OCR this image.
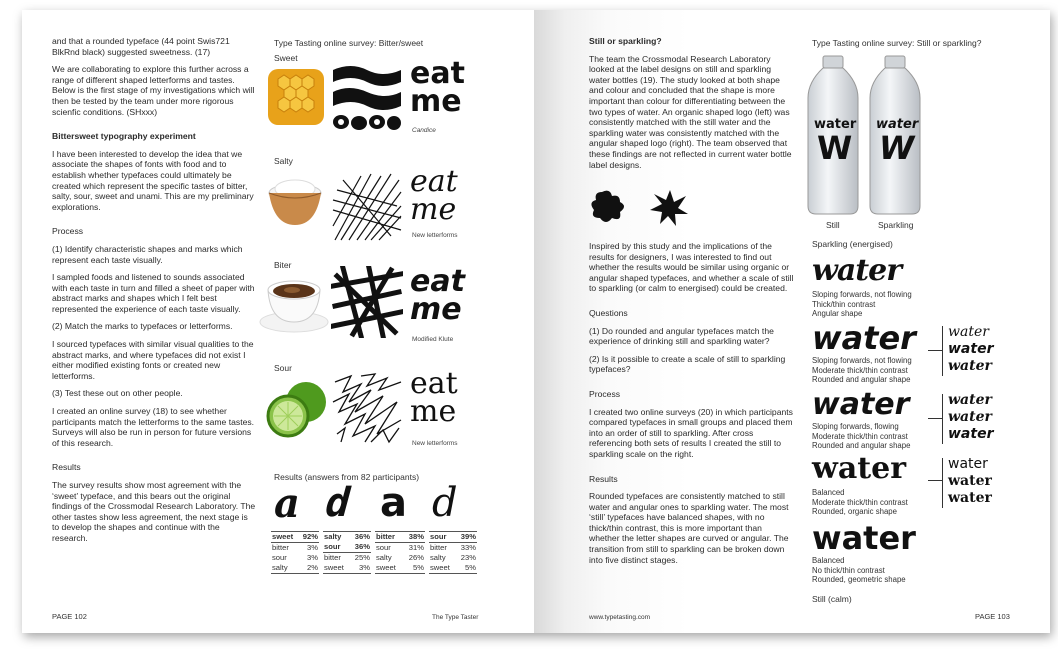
and that a rounded typeface (44 point Swis721 BlkRnd black) suggested sweetness. (17)

We are collaborating to explore this further across a range of different shaped letterforms and tastes. Below is the first stage of my investigations which will then be tested by the team under more rigorous scienfic conditions. (SHxxx)

Bittersweet typography experiment

I have been interested to develop the idea that we associate the shapes of fonts with food and to establish whether typefaces could ultimately be created which represent the specific tastes of bitter, salty, sour, sweet and unami. This are my preliminary explorations.

Process

(1) Identify characteristic shapes and marks which represent each taste visually.

I sampled foods and listened to sounds associated with each taste in turn and filled a sheet of paper with abstract marks and shapes which I felt best represented the experience of each taste visually.

(2) Match the marks to typefaces or letterforms.

I sourced typefaces with similar visual qualities to the abstract marks, and where typefaces did not exist I either modified existing fonts or created new letterforms.

(3) Test these out on other people.

I created an online survey (18) to see whether participants match the letterforms to the same tastes. Surveys will also be run in person for future versions of this research.

Results

The survey results show most agreement with the ‘sweet’ typeface, and this bears out the original findings of the Crossmodal Research Laboratory. The other tastes show less agreement, the next stage is to develop the shapes and continue with the research.

PAGE 102	The Type Taster
Type Tasting online survey: Bitter/sweet
Sweet	eat
me
Candice
Salty
eat
me
New letterforms
Biter	eat
me
Modified Klute
Sour	eat
me
New letterforms
Results (answers from 82 participants)
a d a d
sweet	92%
bitter	3%
sour	3%
salty	2%
salty	36%
sour	36%
bitter	25%
sweet	3%
bitter	38%
sour	31%
salty	26%
sweet	5%
sour	39%
bitter	33%
salty	23%
sweet	5%

Still or sparkling?

The team the Crossmodal Research Laboratory looked at the label designs on still and sparkling water bottles (19). The study looked at both shape and colour and concluded that the shape is more important than colour for differentiating between the two types of water. An organic shaped logo (left) was consistently matched with the still water and the sparkling water was consistently matched with the angular shaped logo (right). The team observed that these findings are not reflected in current water bottle label designs.

Inspired by this study and the implications of the results for designers, I was interested to find out whether the results would be similar using organic or angular shaped typefaces, and whether a scale of still to sparkling (or calm to energised) could be created.

Questions

(1) Do rounded and angular typefaces match the experience of drinking still and sparkling water?

(2) Is it possible to create a scale of still to sparkling typefaces?

Process

I created two online surveys (20) in which participants compared typefaces in small groups and placed them into an order of still to sparkling. After cross referencing both sets of results I created the still to sparkling scale on the right.

Results

Rounded typefaces are consistently matched to still water and angular ones to sparkling water. The most ‘still’ typefaces have balanced shapes, with no thick/thin contrast, this is more important than whether the letter shapes are curved or angular. The transition from still to sparkling can be broken down into five distinct stages.

www.typetasting.com	PAGE 103
Type Tasting online survey: Still or sparkling?
water
W
water
W
Still	Sparkling
Sparkling (energised)
water
Sloping forwards, not flowing
Thick/thin contrast
Angular shape
water
Sloping forwards, not flowing
Moderate thick/thin contrast
Rounded and angular shape
water
water
water
water
Sloping forwards, flowing
Moderate thick/thin contrast
Rounded and angular shape
water
water
water
water
Balanced
Moderate thick/thin contrast
Rounded, organic shape
water
water
water
water
Balanced
No thick/thin contrast
Rounded, geometric shape
Still (calm)
